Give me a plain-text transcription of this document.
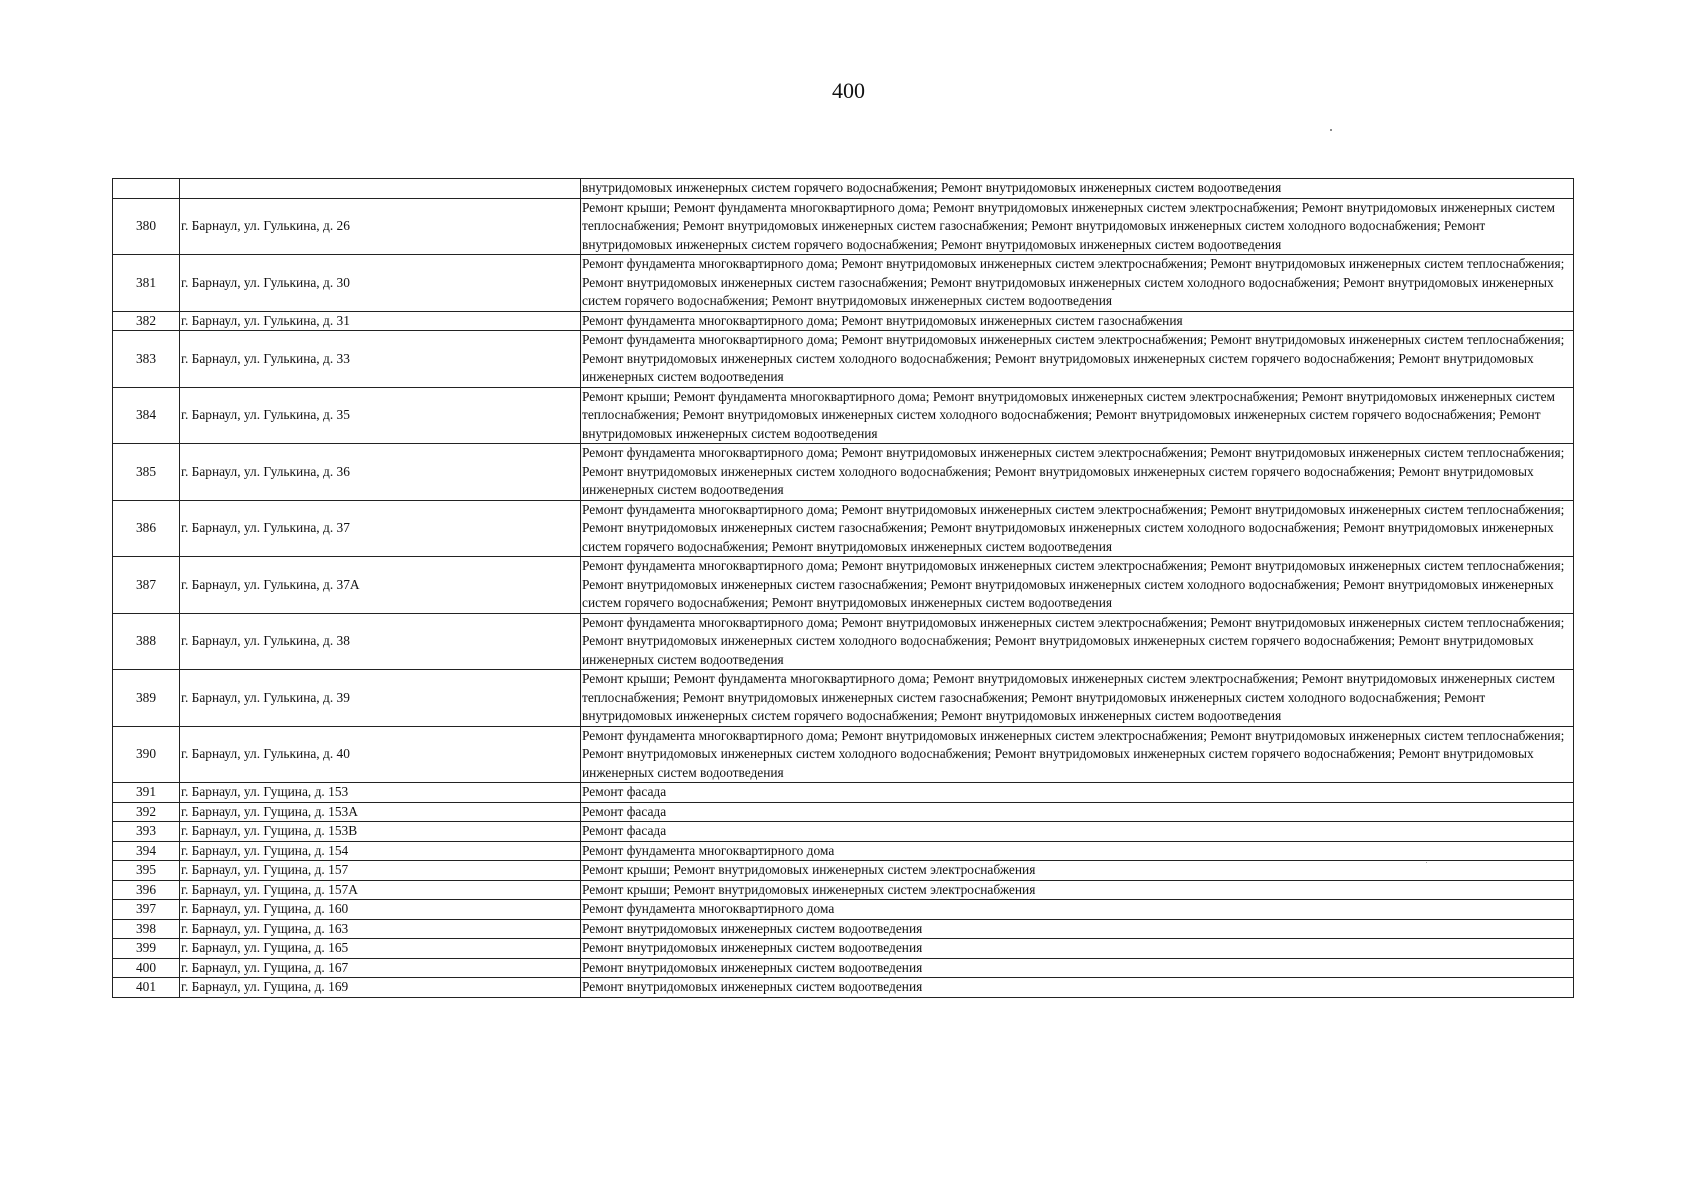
400

		внутридомовых инженерных систем горячего водоснабжения; Ремонт внутридомовых инженерных систем водоотведения

380	г. Барнаул, ул. Гулькина, д. 26	Ремонт крыши; Ремонт фундамента многоквартирного дома; Ремонт внутридомовых инженерных систем электроснабжения; Ремонт внутридомовых инженерных систем теплоснабжения; Ремонт внутридомовых инженерных систем газоснабжения; Ремонт внутридомовых инженерных систем холодного водоснабжения; Ремонт внутридомовых инженерных систем горячего водоснабжения; Ремонт внутридомовых инженерных систем водоотведения

381	г. Барнаул, ул. Гулькина, д. 30	Ремонт фундамента многоквартирного дома; Ремонт внутридомовых инженерных систем электроснабжения; Ремонт внутридомовых инженерных систем теплоснабжения; Ремонт внутридомовых инженерных систем газоснабжения; Ремонт внутридомовых инженерных систем холодного водоснабжения; Ремонт внутридомовых инженерных систем горячего водоснабжения; Ремонт внутридомовых инженерных систем водоотведения

382	г. Барнаул, ул. Гулькина, д. 31	Ремонт фундамента многоквартирного дома; Ремонт внутридомовых инженерных систем газоснабжения

383	г. Барнаул, ул. Гулькина, д. 33	Ремонт фундамента многоквартирного дома; Ремонт внутридомовых инженерных систем электроснабжения; Ремонт внутридомовых инженерных систем теплоснабжения; Ремонт внутридомовых инженерных систем холодного водоснабжения; Ремонт внутридомовых инженерных систем горячего водоснабжения; Ремонт внутридомовых инженерных систем водоотведения

384	г. Барнаул, ул. Гулькина, д. 35	Ремонт крыши; Ремонт фундамента многоквартирного дома; Ремонт внутридомовых инженерных систем электроснабжения; Ремонт внутридомовых инженерных систем теплоснабжения; Ремонт внутридомовых инженерных систем холодного водоснабжения; Ремонт внутридомовых инженерных систем горячего водоснабжения; Ремонт внутридомовых инженерных систем водоотведения

385	г. Барнаул, ул. Гулькина, д. 36	Ремонт фундамента многоквартирного дома; Ремонт внутридомовых инженерных систем электроснабжения; Ремонт внутридомовых инженерных систем теплоснабжения; Ремонт внутридомовых инженерных систем холодного водоснабжения; Ремонт внутридомовых инженерных систем горячего водоснабжения; Ремонт внутридомовых инженерных систем водоотведения

386	г. Барнаул, ул. Гулькина, д. 37	Ремонт фундамента многоквартирного дома; Ремонт внутридомовых инженерных систем электроснабжения; Ремонт внутридомовых инженерных систем теплоснабжения; Ремонт внутридомовых инженерных систем газоснабжения; Ремонт внутридомовых инженерных систем холодного водоснабжения; Ремонт внутридомовых инженерных систем горячего водоснабжения; Ремонт внутридомовых инженерных систем водоотведения

387	г. Барнаул, ул. Гулькина, д. 37А	Ремонт фундамента многоквартирного дома; Ремонт внутридомовых инженерных систем электроснабжения; Ремонт внутридомовых инженерных систем теплоснабжения; Ремонт внутридомовых инженерных систем газоснабжения; Ремонт внутридомовых инженерных систем холодного водоснабжения; Ремонт внутридомовых инженерных систем горячего водоснабжения; Ремонт внутридомовых инженерных систем водоотведения

388	г. Барнаул, ул. Гулькина, д. 38	Ремонт фундамента многоквартирного дома; Ремонт внутридомовых инженерных систем электроснабжения; Ремонт внутридомовых инженерных систем теплоснабжения; Ремонт внутридомовых инженерных систем холодного водоснабжения; Ремонт внутридомовых инженерных систем горячего водоснабжения; Ремонт внутридомовых инженерных систем водоотведения

389	г. Барнаул, ул. Гулькина, д. 39	Ремонт крыши; Ремонт фундамента многоквартирного дома; Ремонт внутридомовых инженерных систем электроснабжения; Ремонт внутридомовых инженерных систем теплоснабжения; Ремонт внутридомовых инженерных систем газоснабжения; Ремонт внутридомовых инженерных систем холодного водоснабжения; Ремонт внутридомовых инженерных систем горячего водоснабжения; Ремонт внутридомовых инженерных систем водоотведения

390	г. Барнаул, ул. Гулькина, д. 40	Ремонт фундамента многоквартирного дома; Ремонт внутридомовых инженерных систем электроснабжения; Ремонт внутридомовых инженерных систем теплоснабжения; Ремонт внутридомовых инженерных систем холодного водоснабжения; Ремонт внутридомовых инженерных систем горячего водоснабжения; Ремонт внутридомовых инженерных систем водоотведения

391	г. Барнаул, ул. Гущина, д. 153	Ремонт фасада

392	г. Барнаул, ул. Гущина, д. 153А	Ремонт фасада

393	г. Барнаул, ул. Гущина, д. 153В	Ремонт фасада

394	г. Барнаул, ул. Гущина, д. 154	Ремонт фундамента многоквартирного дома

395	г. Барнаул, ул. Гущина, д. 157	Ремонт крыши; Ремонт внутридомовых инженерных систем электроснабжения

396	г. Барнаул, ул. Гущина, д. 157А	Ремонт крыши; Ремонт внутридомовых инженерных систем электроснабжения

397	г. Барнаул, ул. Гущина, д. 160	Ремонт фундамента многоквартирного дома

398	г. Барнаул, ул. Гущина, д. 163	Ремонт внутридомовых инженерных систем водоотведения

399	г. Барнаул, ул. Гущина, д. 165	Ремонт внутридомовых инженерных систем водоотведения

400	г. Барнаул, ул. Гущина, д. 167	Ремонт внутридомовых инженерных систем водоотведения

401	г. Барнаул, ул. Гущина, д. 169	Ремонт внутридомовых инженерных систем водоотведения
